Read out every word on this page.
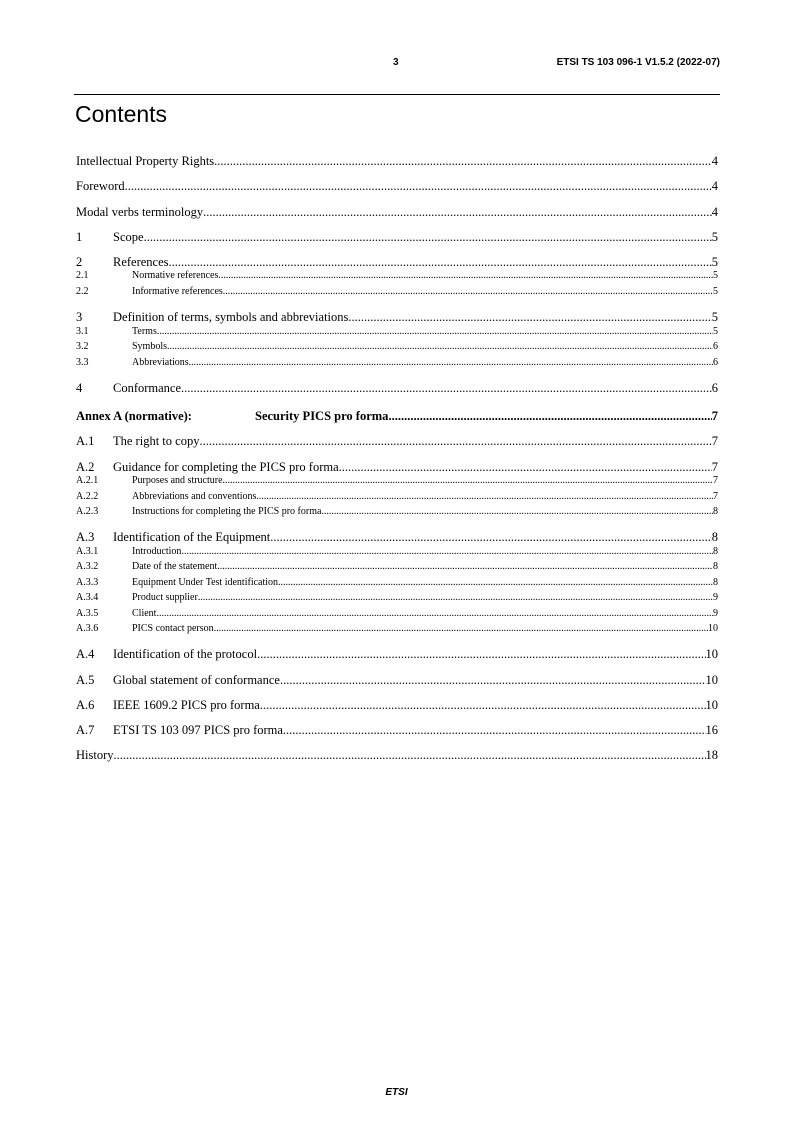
3	ETSI TS 103 096-1 V1.5.2 (2022-07)
Contents
Intellectual Property Rights .....	4
Foreword .....	4
Modal verbs terminology .....	4
1	Scope .....	5
2	References .....	5
2.1	Normative references .....	5
2.2	Informative references .....	5
3	Definition of terms, symbols and abbreviations .....	5
3.1	Terms .....	5
3.2	Symbols .....	6
3.3	Abbreviations .....	6
4	Conformance .....	6
Annex A (normative):	Security PICS pro forma .....	7
A.1	The right to copy .....	7
A.2	Guidance for completing the PICS pro forma .....	7
A.2.1	Purposes and structure .....	7
A.2.2	Abbreviations and conventions .....	7
A.2.3	Instructions for completing the PICS pro forma .....	8
A.3	Identification of the Equipment .....	8
A.3.1	Introduction .....	8
A.3.2	Date of the statement .....	8
A.3.3	Equipment Under Test identification .....	8
A.3.4	Product supplier .....	9
A.3.5	Client .....	9
A.3.6	PICS contact person .....	10
A.4	Identification of the protocol .....	10
A.5	Global statement of conformance .....	10
A.6	IEEE 1609.2 PICS pro forma .....	10
A.7	ETSI TS 103 097 PICS pro forma .....	16
History .....	18
ETSI
